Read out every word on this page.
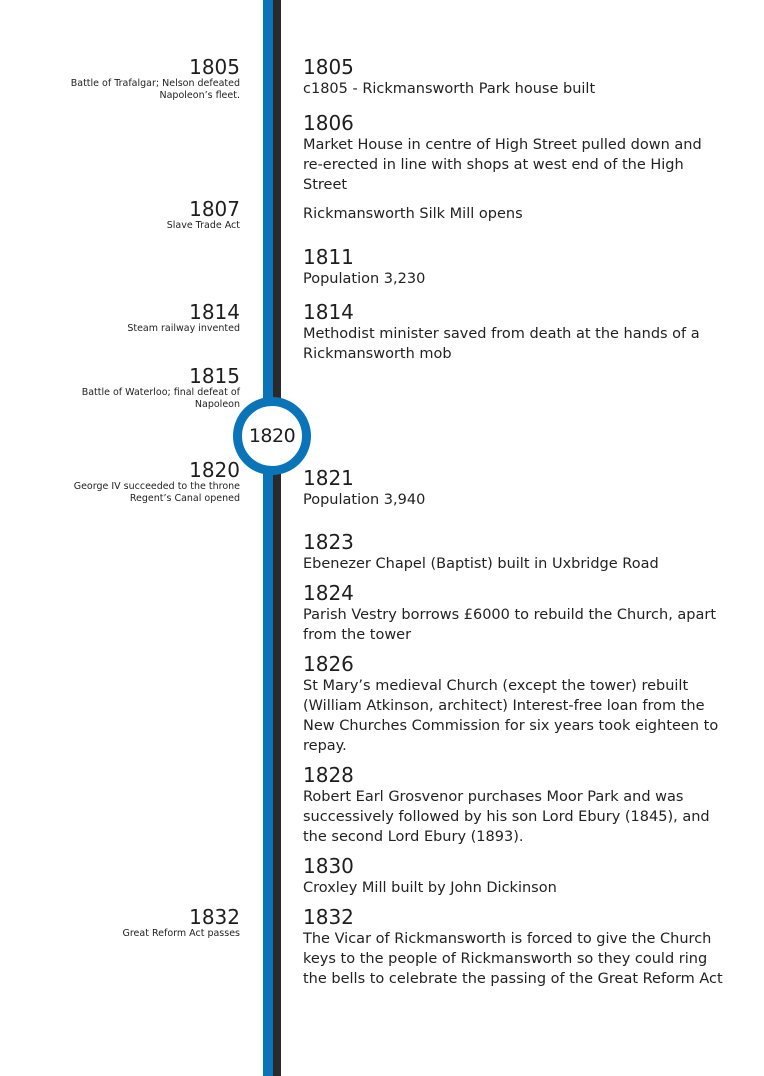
1820
1805
Battle of Trafalgar; Nelson defeated Napoleon’s fleet.
1807
Slave Trade Act
1814
Steam railway invented
1815
Battle of Waterloo; final defeat of Napoleon
1820
George IV succeeded to the throne
Regent’s Canal opened
1832
Great Reform Act passes
1805
c1805 - Rickmansworth Park house built
1806
Market House in centre of High Street pulled down and re-erected in line with shops at west end of the High Street
Rickmansworth Silk Mill opens
1811
Population 3,230
1814
Methodist minister saved from death at the hands of a Rickmansworth mob
1821
Population 3,940
1823
Ebenezer Chapel (Baptist) built in Uxbridge Road
1824
Parish Vestry borrows £6000 to rebuild the Church, apart from the tower
1826
St Mary’s medieval Church (except the tower) rebuilt (William Atkinson, architect) Interest-free loan from the New Churches Commission for six years took eighteen to repay.
1828
Robert Earl Grosvenor purchases Moor Park and was successively followed by his son Lord Ebury (1845), and the second Lord Ebury (1893).
1830
Croxley Mill built by John Dickinson
1832
The Vicar of Rickmansworth is forced to give the Church keys to the people of Rickmansworth so they could ring the bells to celebrate the passing of the Great Reform Act
